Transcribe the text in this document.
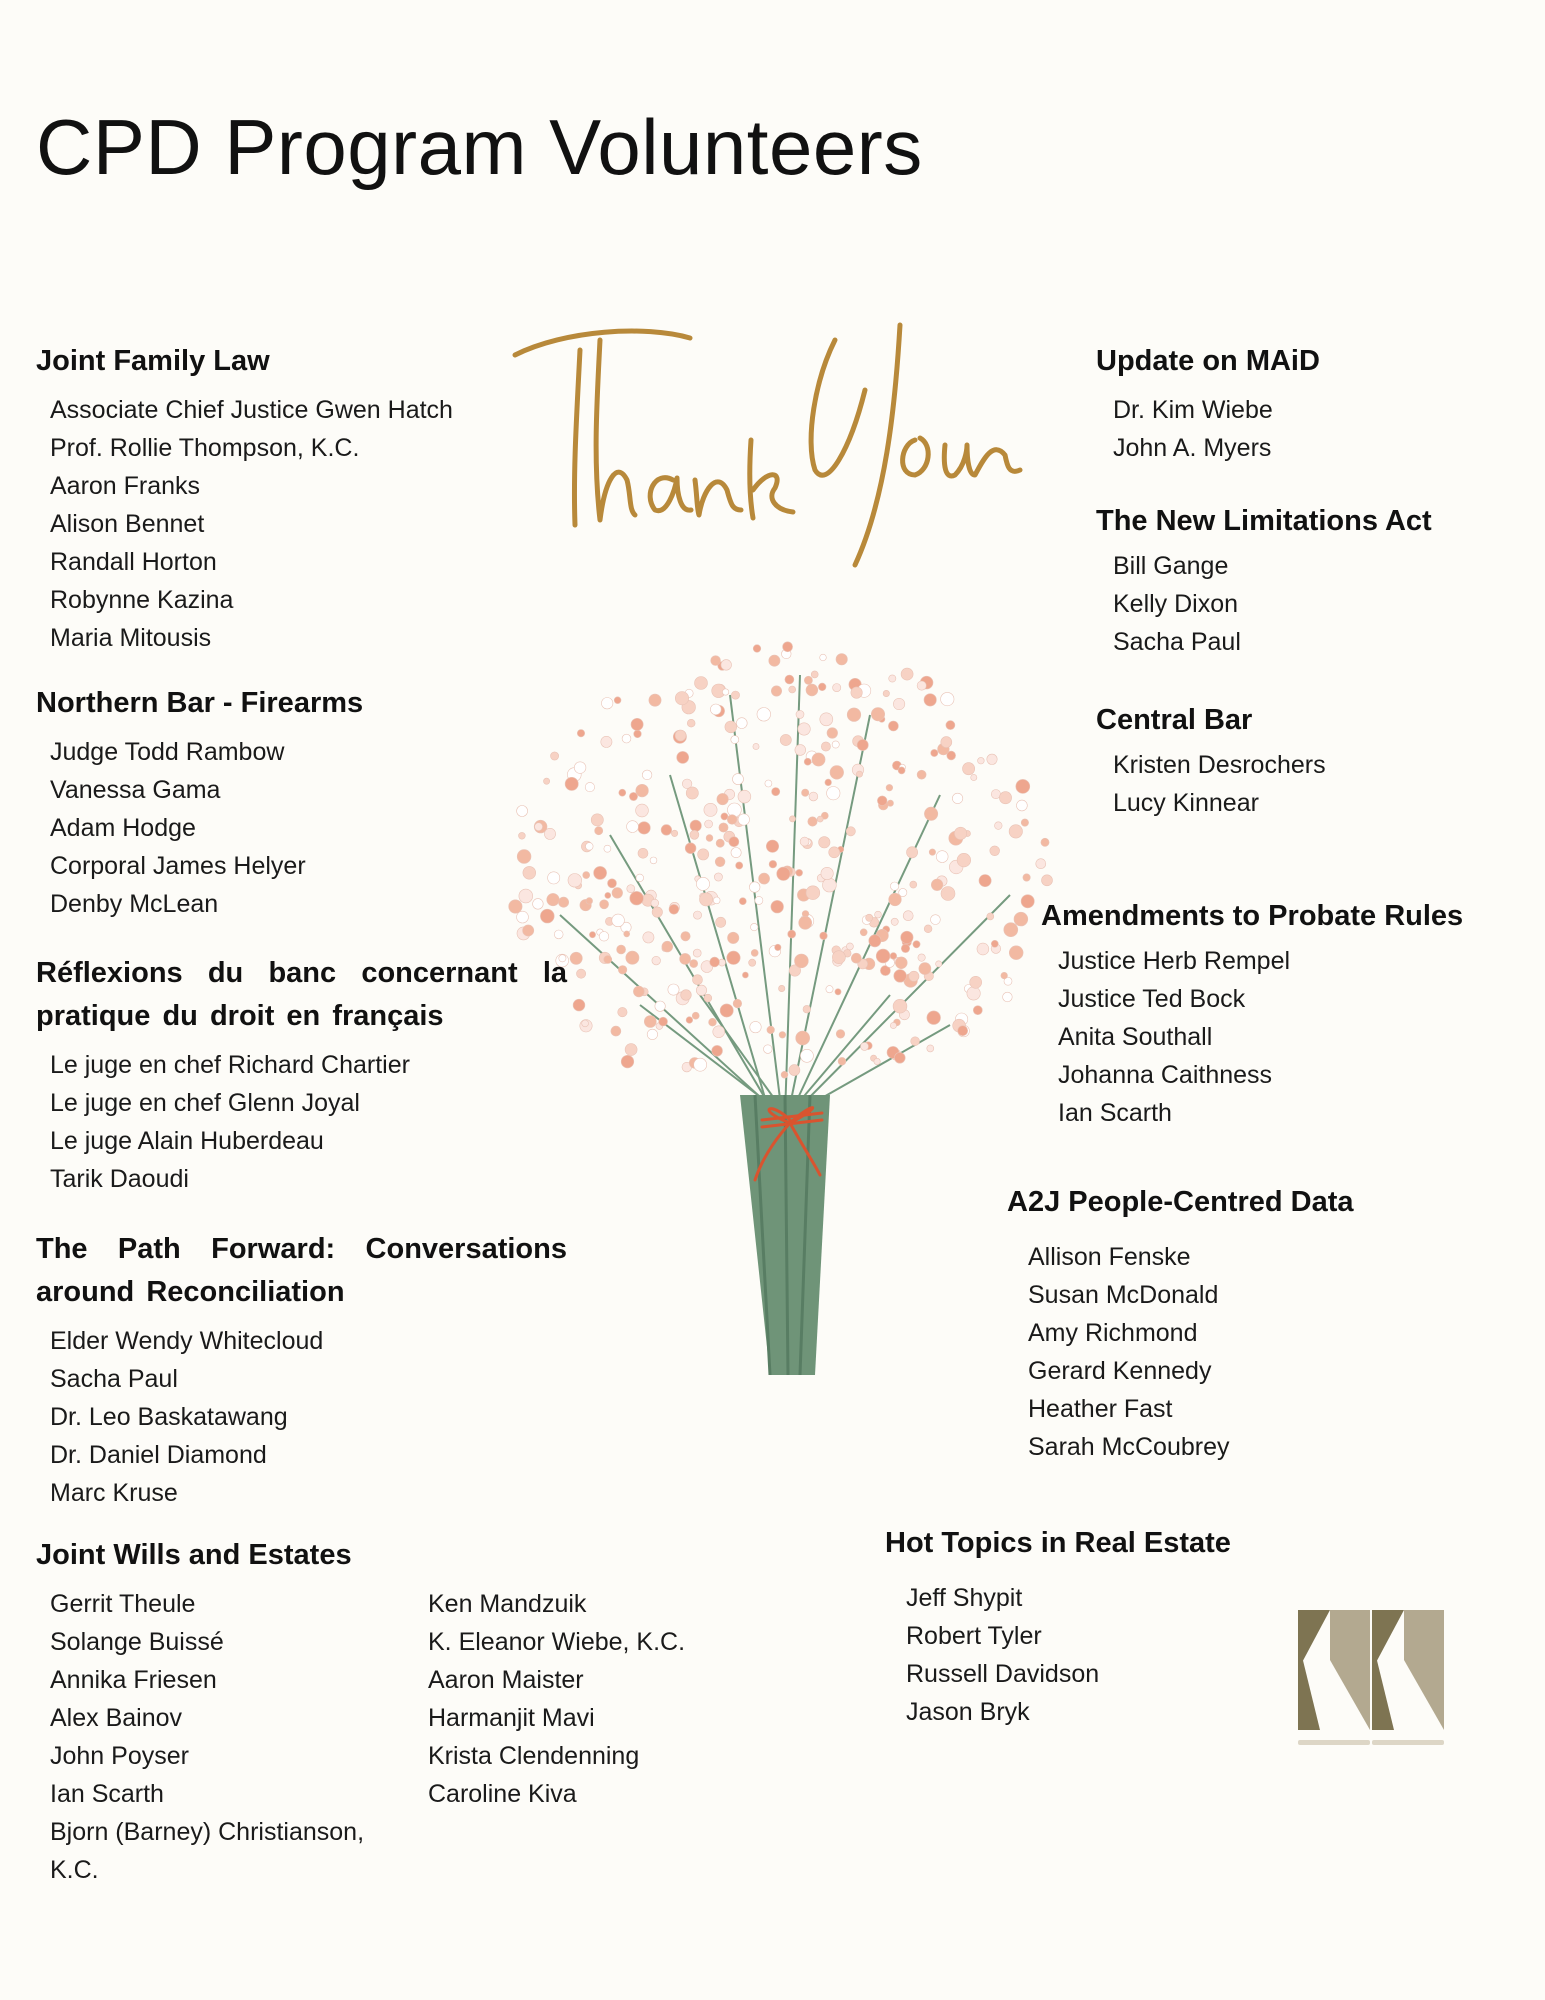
CPD Program Volunteers
Joint Family Law
Associate Chief Justice Gwen Hatch
Prof. Rollie Thompson, K.C.
Aaron Franks
Alison Bennet
Randall Horton
Robynne Kazina
Maria Mitousis
Northern Bar - Firearms
Judge Todd Rambow
Vanessa Gama
Adam Hodge
Corporal James Helyer
Denby McLean
Réflexions du banc concernant la pratique du droit en français
Le juge en chef Richard Chartier
Le juge en chef Glenn Joyal
Le juge Alain Huberdeau
Tarik Daoudi
The Path Forward: Conversations around Reconciliation
Elder Wendy Whitecloud
Sacha Paul
Dr. Leo Baskatawang
Dr. Daniel Diamond
Marc Kruse
Joint Wills and Estates
Gerrit Theule
Solange Buissé
Annika Friesen
Alex Bainov
John Poyser
Ian Scarth
Bjorn (Barney) Christianson, K.C.
Ken Mandzuik
K. Eleanor Wiebe, K.C.
Aaron Maister
Harmanjit Mavi
Krista Clendenning
Caroline Kiva
Update on MAiD
Dr. Kim Wiebe
John A. Myers
The New Limitations Act
Bill Gange
Kelly Dixon
Sacha Paul
Central Bar
Kristen Desrochers
Lucy Kinnear
Amendments to Probate Rules
Justice Herb Rempel
Justice Ted Bock
Anita Southall
Johanna Caithness
Ian Scarth
A2J People-Centred Data
Allison Fenske
Susan McDonald
Amy Richmond
Gerard Kennedy
Heather Fast
Sarah McCoubrey
Hot Topics in Real Estate
Jeff Shypit
Robert Tyler
Russell Davidson
Jason Bryk
